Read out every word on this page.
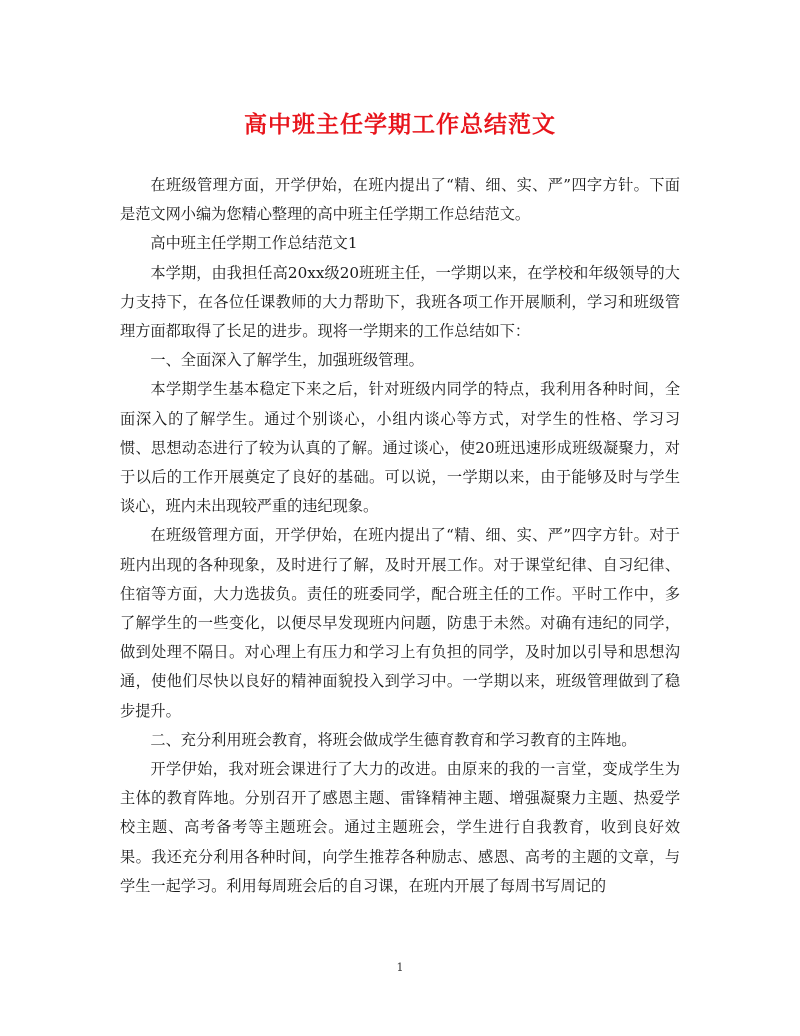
高中班主任学期工作总结范文

在班级管理方面，开学伊始，在班内提出了“精、细、实、严”四字方针。下面是范文网小编为您精心整理的高中班主任学期工作总结范文。

高中班主任学期工作总结范文1

本学期，由我担任高20xx级20班班主任，一学期以来，在学校和年级领导的大力支持下，在各位任课教师的大力帮助下，我班各项工作开展顺利，学习和班级管理方面都取得了长足的进步。现将一学期来的工作总结如下：

一、全面深入了解学生，加强班级管理。

本学期学生基本稳定下来之后，针对班级内同学的特点，我利用各种时间，全面深入的了解学生。通过个别谈心，小组内谈心等方式，对学生的性格、学习习惯、思想动态进行了较为认真的了解。通过谈心，使20班迅速形成班级凝聚力，对于以后的工作开展奠定了良好的基础。可以说，一学期以来，由于能够及时与学生谈心，班内未出现较严重的违纪现象。

在班级管理方面，开学伊始，在班内提出了“精、细、实、严”四字方针。对于班内出现的各种现象，及时进行了解，及时开展工作。对于课堂纪律、自习纪律、住宿等方面，大力选拔负。责任的班委同学，配合班主任的工作。平时工作中，多了解学生的一些变化，以便尽早发现班内问题，防患于未然。对确有违纪的同学，做到处理不隔日。对心理上有压力和学习上有负担的同学，及时加以引导和思想沟通，使他们尽快以良好的精神面貌投入到学习中。一学期以来，班级管理做到了稳步提升。

二、充分利用班会教育，将班会做成学生德育教育和学习教育的主阵地。

开学伊始，我对班会课进行了大力的改进。由原来的我的一言堂，变成学生为主体的教育阵地。分别召开了感恩主题、雷锋精神主题、增强凝聚力主题、热爱学校主题、高考备考等主题班会。通过主题班会，学生进行自我教育，收到良好效果。我还充分利用各种时间，向学生推荐各种励志、感恩、高考的主题的文章，与学生一起学习。利用每周班会后的自习课，在班内开展了每周书写周记的

1
